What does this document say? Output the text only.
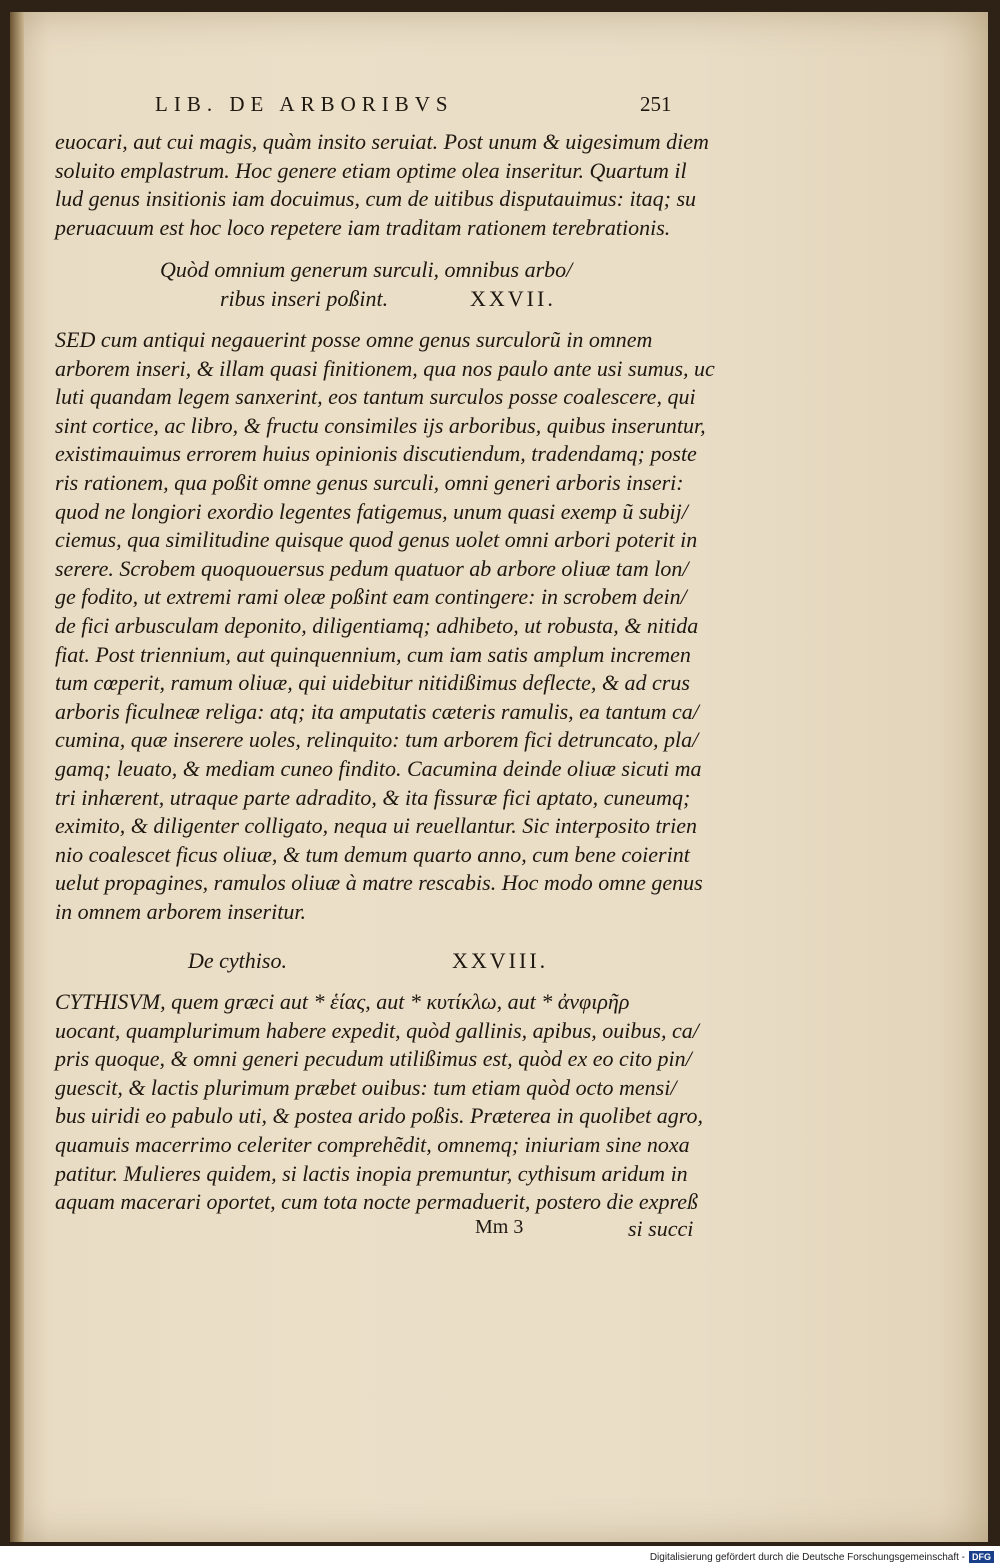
LIB. DE ARBORIBVS	251
euocari, aut cui magis, quàm insito seruiat. Post unum & uigesimum diem
soluito emplastrum. Hoc genere etiam optime olea inseritur. Quartum il
lud genus insitionis iam docuimus, cum de uitibus disputauimus: itaq; su
peruacuum est hoc loco repetere iam traditam rationem terebrationis.
Quòd omnium generum surculi, omnibus arbo/
ribus inseri poßint.	XXVII.
SED cum antiqui negauerint posse omne genus surculorũ in omnem
arborem inseri, & illam quasi finitionem, qua nos paulo ante usi sumus, uc
luti quandam legem sanxerint, eos tantum surculos posse coalescere, qui
sint cortice, ac libro, & fructu consimiles ijs arboribus, quibus inseruntur,
existimauimus errorem huius opinionis discutiendum, tradendamq; poste
ris rationem, qua poßit omne genus surculi, omni generi arboris inseri:
quod ne longiori exordio legentes fatigemus, unum quasi exemp ũ subij/
ciemus, qua similitudine quisque quod genus uolet omni arbori poterit in
serere. Scrobem quoquouersus pedum quatuor ab arbore oliuæ tam lon/
ge fodito, ut extremi rami oleæ poßint eam contingere: in scrobem dein/
de fici arbusculam deponito, diligentiamq; adhibeto, ut robusta, & nitida
fiat. Post triennium, aut quinquennium, cum iam satis amplum incremen
tum cœperit, ramum oliuæ, qui uidebitur nitidißimus deflecte, & ad crus
arboris ficulneæ religa: atq; ita amputatis cæteris ramulis, ea tantum ca/
cumina, quæ inserere uoles, relinquito: tum arborem fici detruncato, pla/
gamq; leuato, & mediam cuneo findito. Cacumina deinde oliuæ sicuti ma
tri inhærent, utraque parte adradito, & ita fissuræ fici aptato, cuneumq;
eximito, & diligenter colligato, nequa ui reuellantur. Sic interposito trien
nio coalescet ficus oliuæ, & tum demum quarto anno, cum bene coierint
uelut propagines, ramulos oliuæ à matre rescabis. Hoc modo omne genus
in omnem arborem inseritur.
De cythiso.	XXVIII.
CYTHISVM, quem græci aut * ἑίας, aut * κυτίκλω, aut * ἀνφιρῆρ
uocant, quamplurimum habere expedit, quòd gallinis, apibus, ouibus, ca/
pris quoque, & omni generi pecudum utilißimus est, quòd ex eo cito pin/
guescit, & lactis plurimum præbet ouibus: tum etiam quòd octo mensi/
bus uiridi eo pabulo uti, & postea arido poßis. Præterea in quolibet agro,
quamuis macerrimo celeriter comprehẽdit, omnemq; iniuriam sine noxa
patitur. Mulieres quidem, si lactis inopia premuntur, cythisum aridum in
aquam macerari oportet, cum tota nocte permaduerit, postero die expreß
Mm 3	si succi
Digitalisierung gefördert durch die Deutsche Forschungsgemeinschaft - DFG
